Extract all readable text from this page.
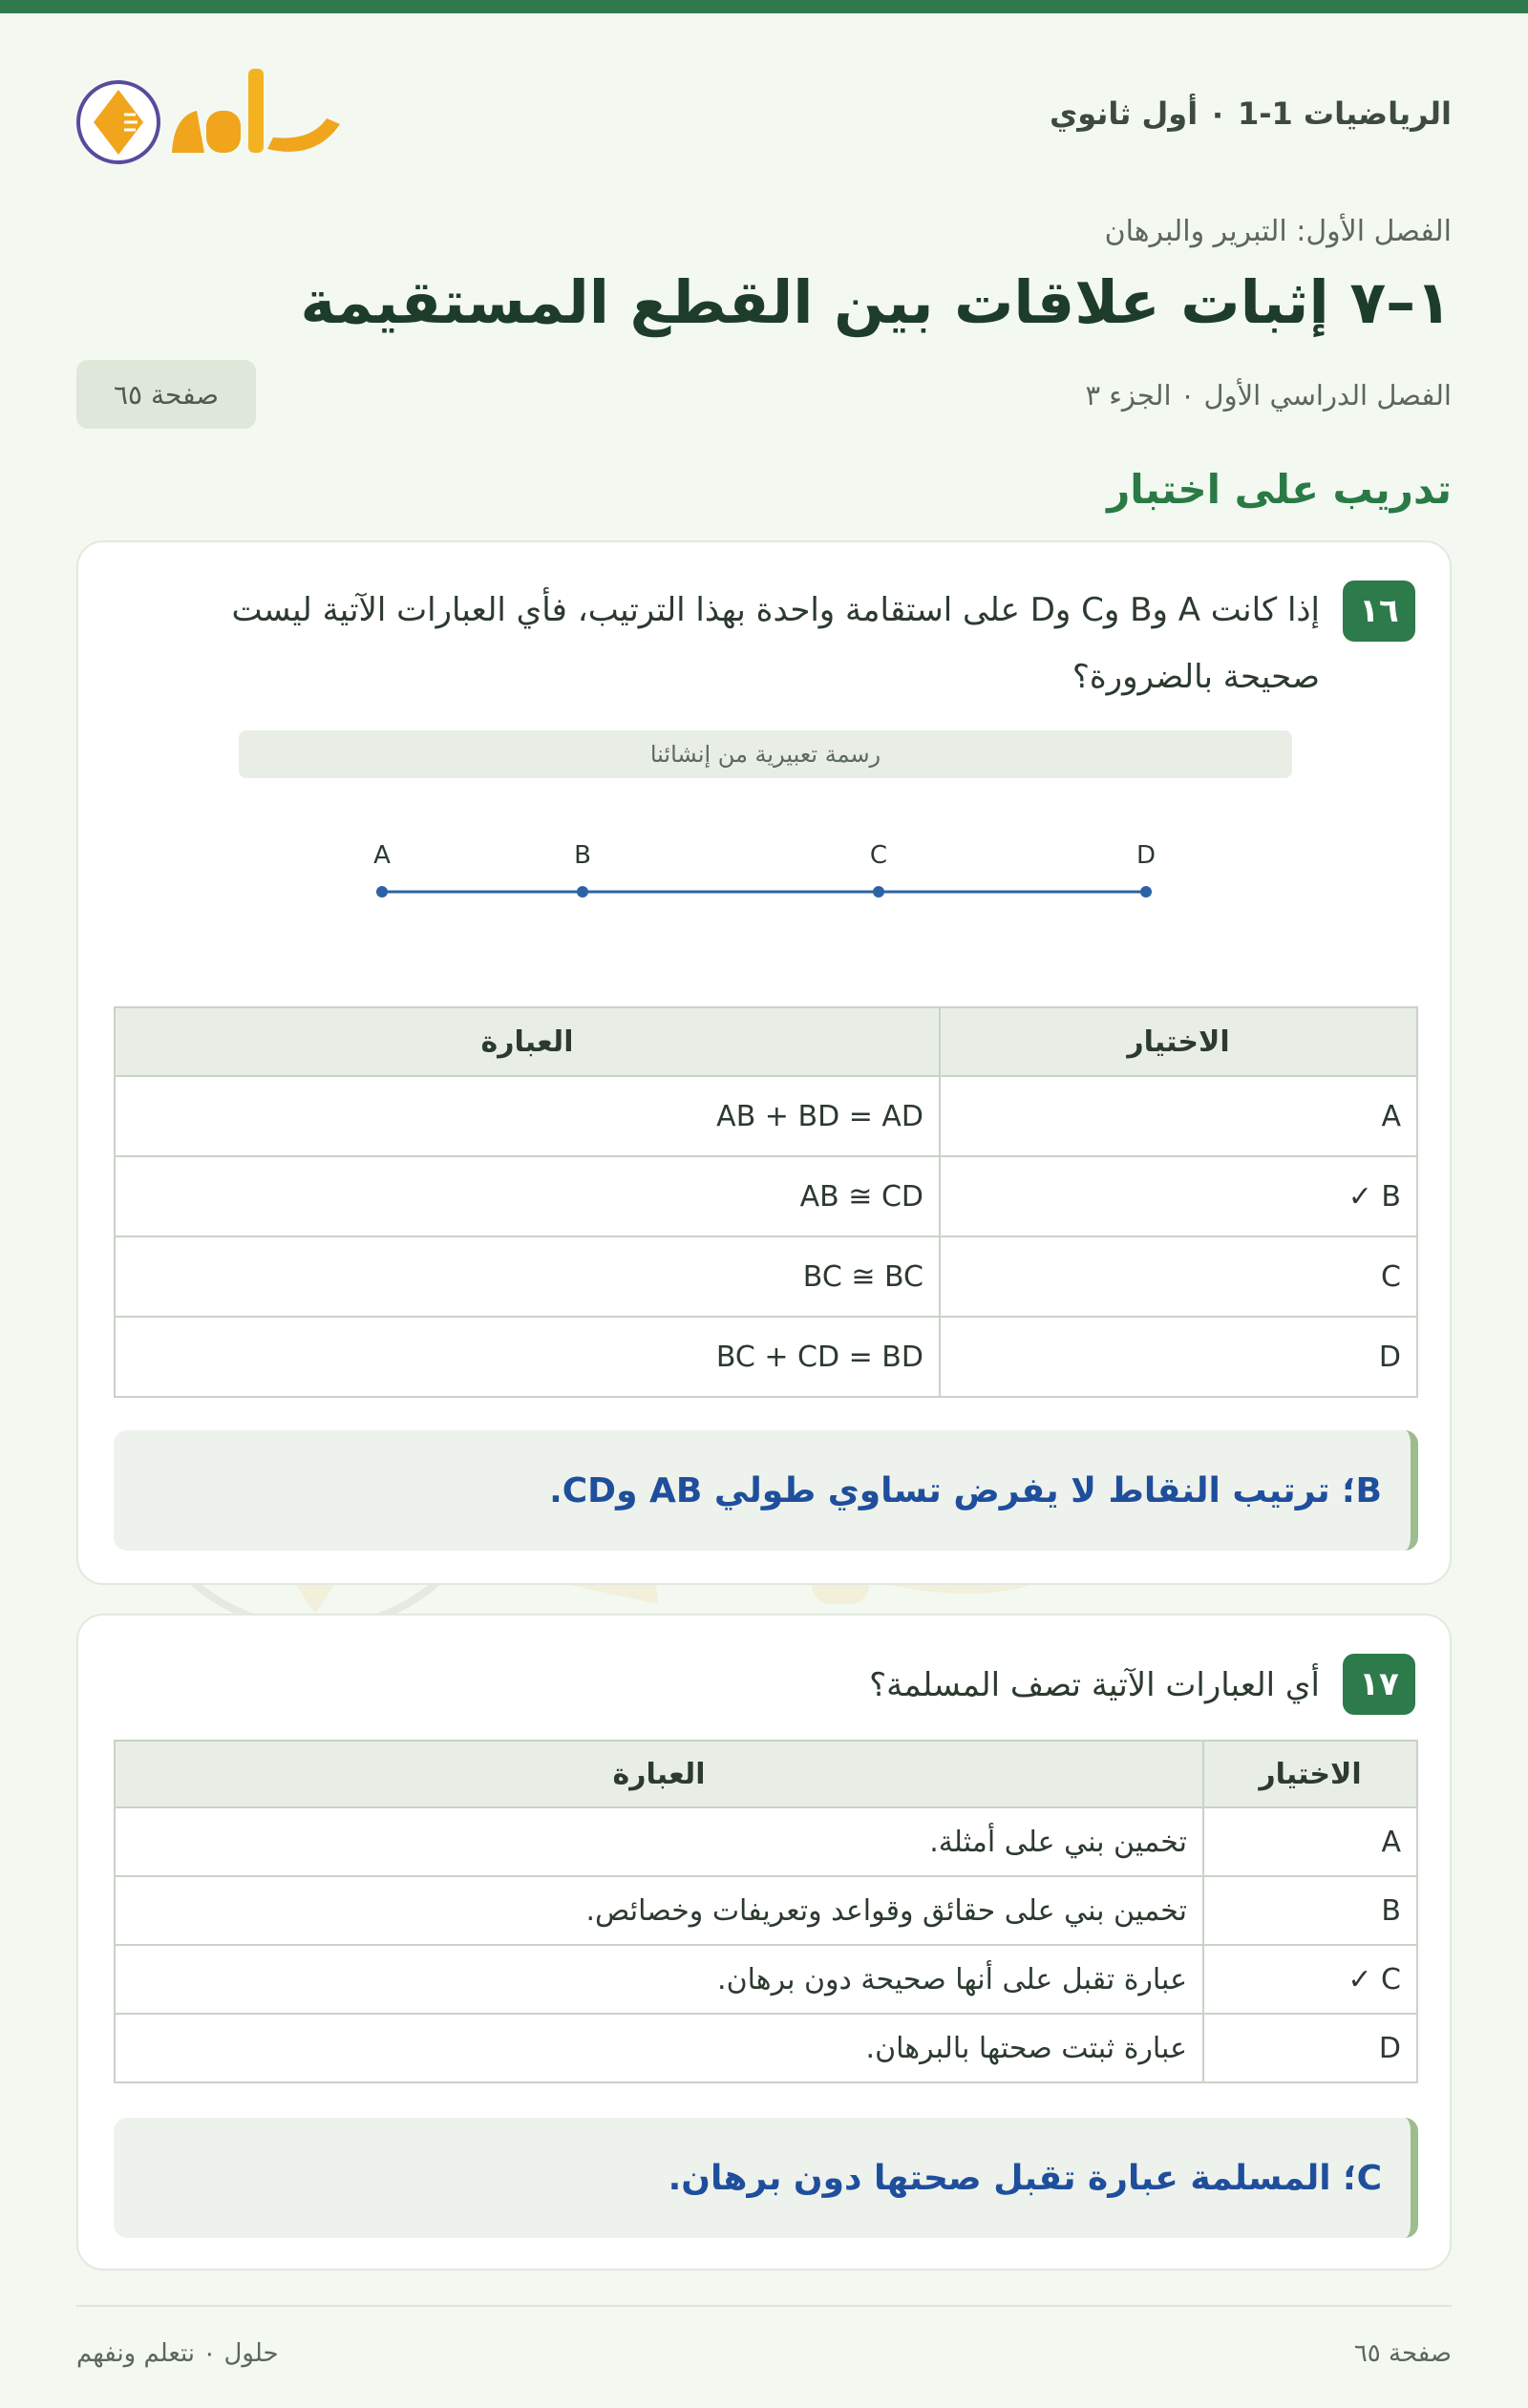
الرياضيات 1-1 ٠ أول ثانوي
الفصل الأول: التبرير والبرهان
١–٧ إثبات علاقات بين القطع المستقيمة
الفصل الدراسي الأول ٠ الجزء ٣
صفحة ٦٥
تدريب على اختبار
١٦
إذا كانت A وB وC وD على استقامة واحدة بهذا الترتيب، فأي العبارات الآتية ليست
صحيحة بالضرورة؟
رسمة تعبيرية من إنشائنا
A	B	C	D
الاختيار	العبارة
A	AB + BD = AD
B ✓	AB ≅ CD
C	BC ≅ BC
D	BC + CD = BD
B؛ ترتيب النقاط لا يفرض تساوي طولي AB وCD.
١٧
أي العبارات الآتية تصف المسلمة؟
الاختيار	العبارة
A	تخمين بني على أمثلة.
B	تخمين بني على حقائق وقواعد وتعريفات وخصائص.
C ✓	عبارة تقبل على أنها صحيحة دون برهان.
D	عبارة ثبتت صحتها بالبرهان.
C؛ المسلمة عبارة تقبل صحتها دون برهان.
صفحة ٦٥
حلول ٠ نتعلم ونفهم
